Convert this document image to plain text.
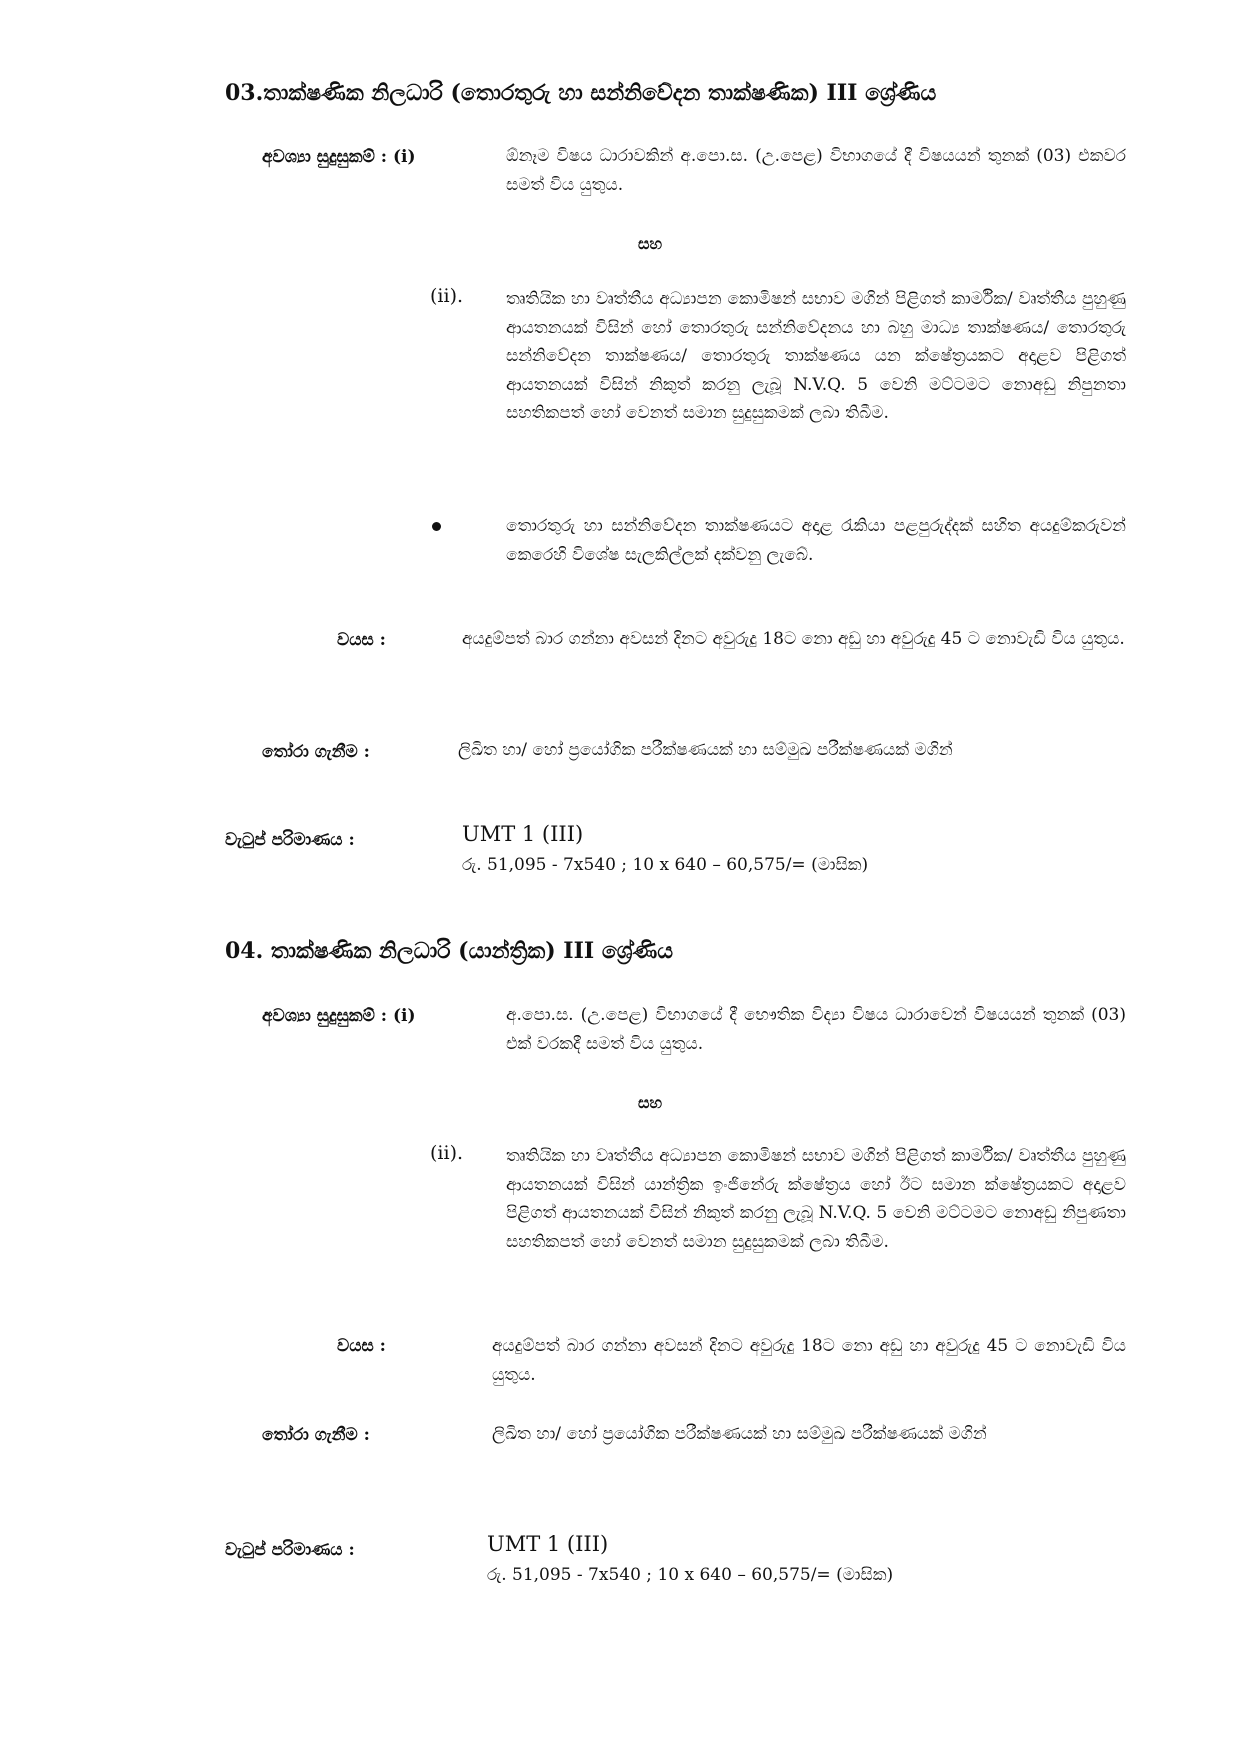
03.තාක්ෂණික නිලධාරි (තොරතුරු හා සන්නිවේදන තාක්ෂණික) III ශ්‍රේණිය
අවශ්‍යා සුදුසුකම් : (i)	ඕනෑම විෂය ධාරාවකින් අ.පො.ස. (උ.පෙළ) විභාගයේ දී විෂයයන් තුනක් (03) එකවර සමත් විය යුතුය.
සහ
(ii).	තෘතියික හා වෘත්තීය අධ්‍යාපන කොමිෂන් සභාව මගින් පිළිගත් කාර්මික/ වෘත්තීය පුහුණු ආයතනයක් විසින් හෝ තොරතුරු සන්නිවේදනය හා බහු මාධ්‍ය තාක්ෂණය/ තොරතුරු සන්නිවේදන තාක්ෂණය/ තොරතුරු තාක්ෂණය යන ක්ෂේත්‍රයකට අදාළව පිළිගත් ආයතනයක් විසින් නිකුත් කරනු ලැබූ N.V.Q. 5 වෙනි මට්ටමට නොඅඩු නිපුනතා සහතිකපත් හෝ වෙනත් සමාන සුදුසුකමක් ලබා තිබීම.
තොරතුරු හා සන්නිවේදන තාක්ෂණයට අදාළ රැකියා පළපුරුද්දක් සහිත අයදුම්කරුවන් කෙරෙහි විශේෂ සැලකිල්ලක් දක්වනු ලැබේ.
වයස :	අයදුම්පත් බාර ගන්නා අවසන් දිනට අවුරුදු 18ට නො අඩු හා අවුරුදු 45 ට නොවැඩි විය යුතුය.
තෝරා ගැනීම :	ලිඛිත හා/ හෝ ප්‍රයෝගික පරීක්ෂණයක් හා සම්මුඛ පරීක්ෂණයක් මගින්
වැටුප් පරිමාණය :	UMT 1 (III)
රු. 51,095 - 7x540 ; 10 x 640 – 60,575/= (මාසික)
04. තාක්ෂණික නිලධාරි (යාන්ත්‍රික) III ශ්‍රේණිය
අවශ්‍යා සුදුසුකම් : (i)	අ.පො.ස. (උ.පෙළ) විභාගයේ දී භෞතික විද්‍යා විෂය ධාරාවෙන් විෂයයන් තුනක් (03) එක් වරකදී සමත් විය යුතුය.
සහ
(ii).	තෘතියික හා වෘත්තීය අධ්‍යාපන කොමිෂන් සභාව මගින් පිළිගත් කාර්මික/ වෘත්තීය පුහුණු ආයතනයක් විසින් යාන්ත්‍රික ඉංජිනේරු ක්ෂේත්‍රය හෝ ඊට සමාන ක්ෂේත්‍රයකට අදාළව පිළිගත් ආයතනයක් විසින් නිකුත් කරනු ලැබූ N.V.Q. 5 වෙනි මට්ටමට නොඅඩු නිපුණතා සහතිකපත් හෝ වෙනත් සමාන සුදුසුකමක් ලබා තිබීම.
වයස :	අයදුම්පත් බාර ගන්නා අවසන් දිනට අවුරුදු 18ට නො අඩු හා අවුරුදු 45 ට නොවැඩි විය යුතුය.
තෝරා ගැනීම :	ලිඛිත හා/ හෝ ප්‍රයෝගික පරීක්ෂණයක් හා සම්මුඛ පරීක්ෂණයක් මගින්
වැටුප් පරිමාණය :	UMT 1 (III)
රු. 51,095 - 7x540 ; 10 x 640 – 60,575/= (මාසික)
